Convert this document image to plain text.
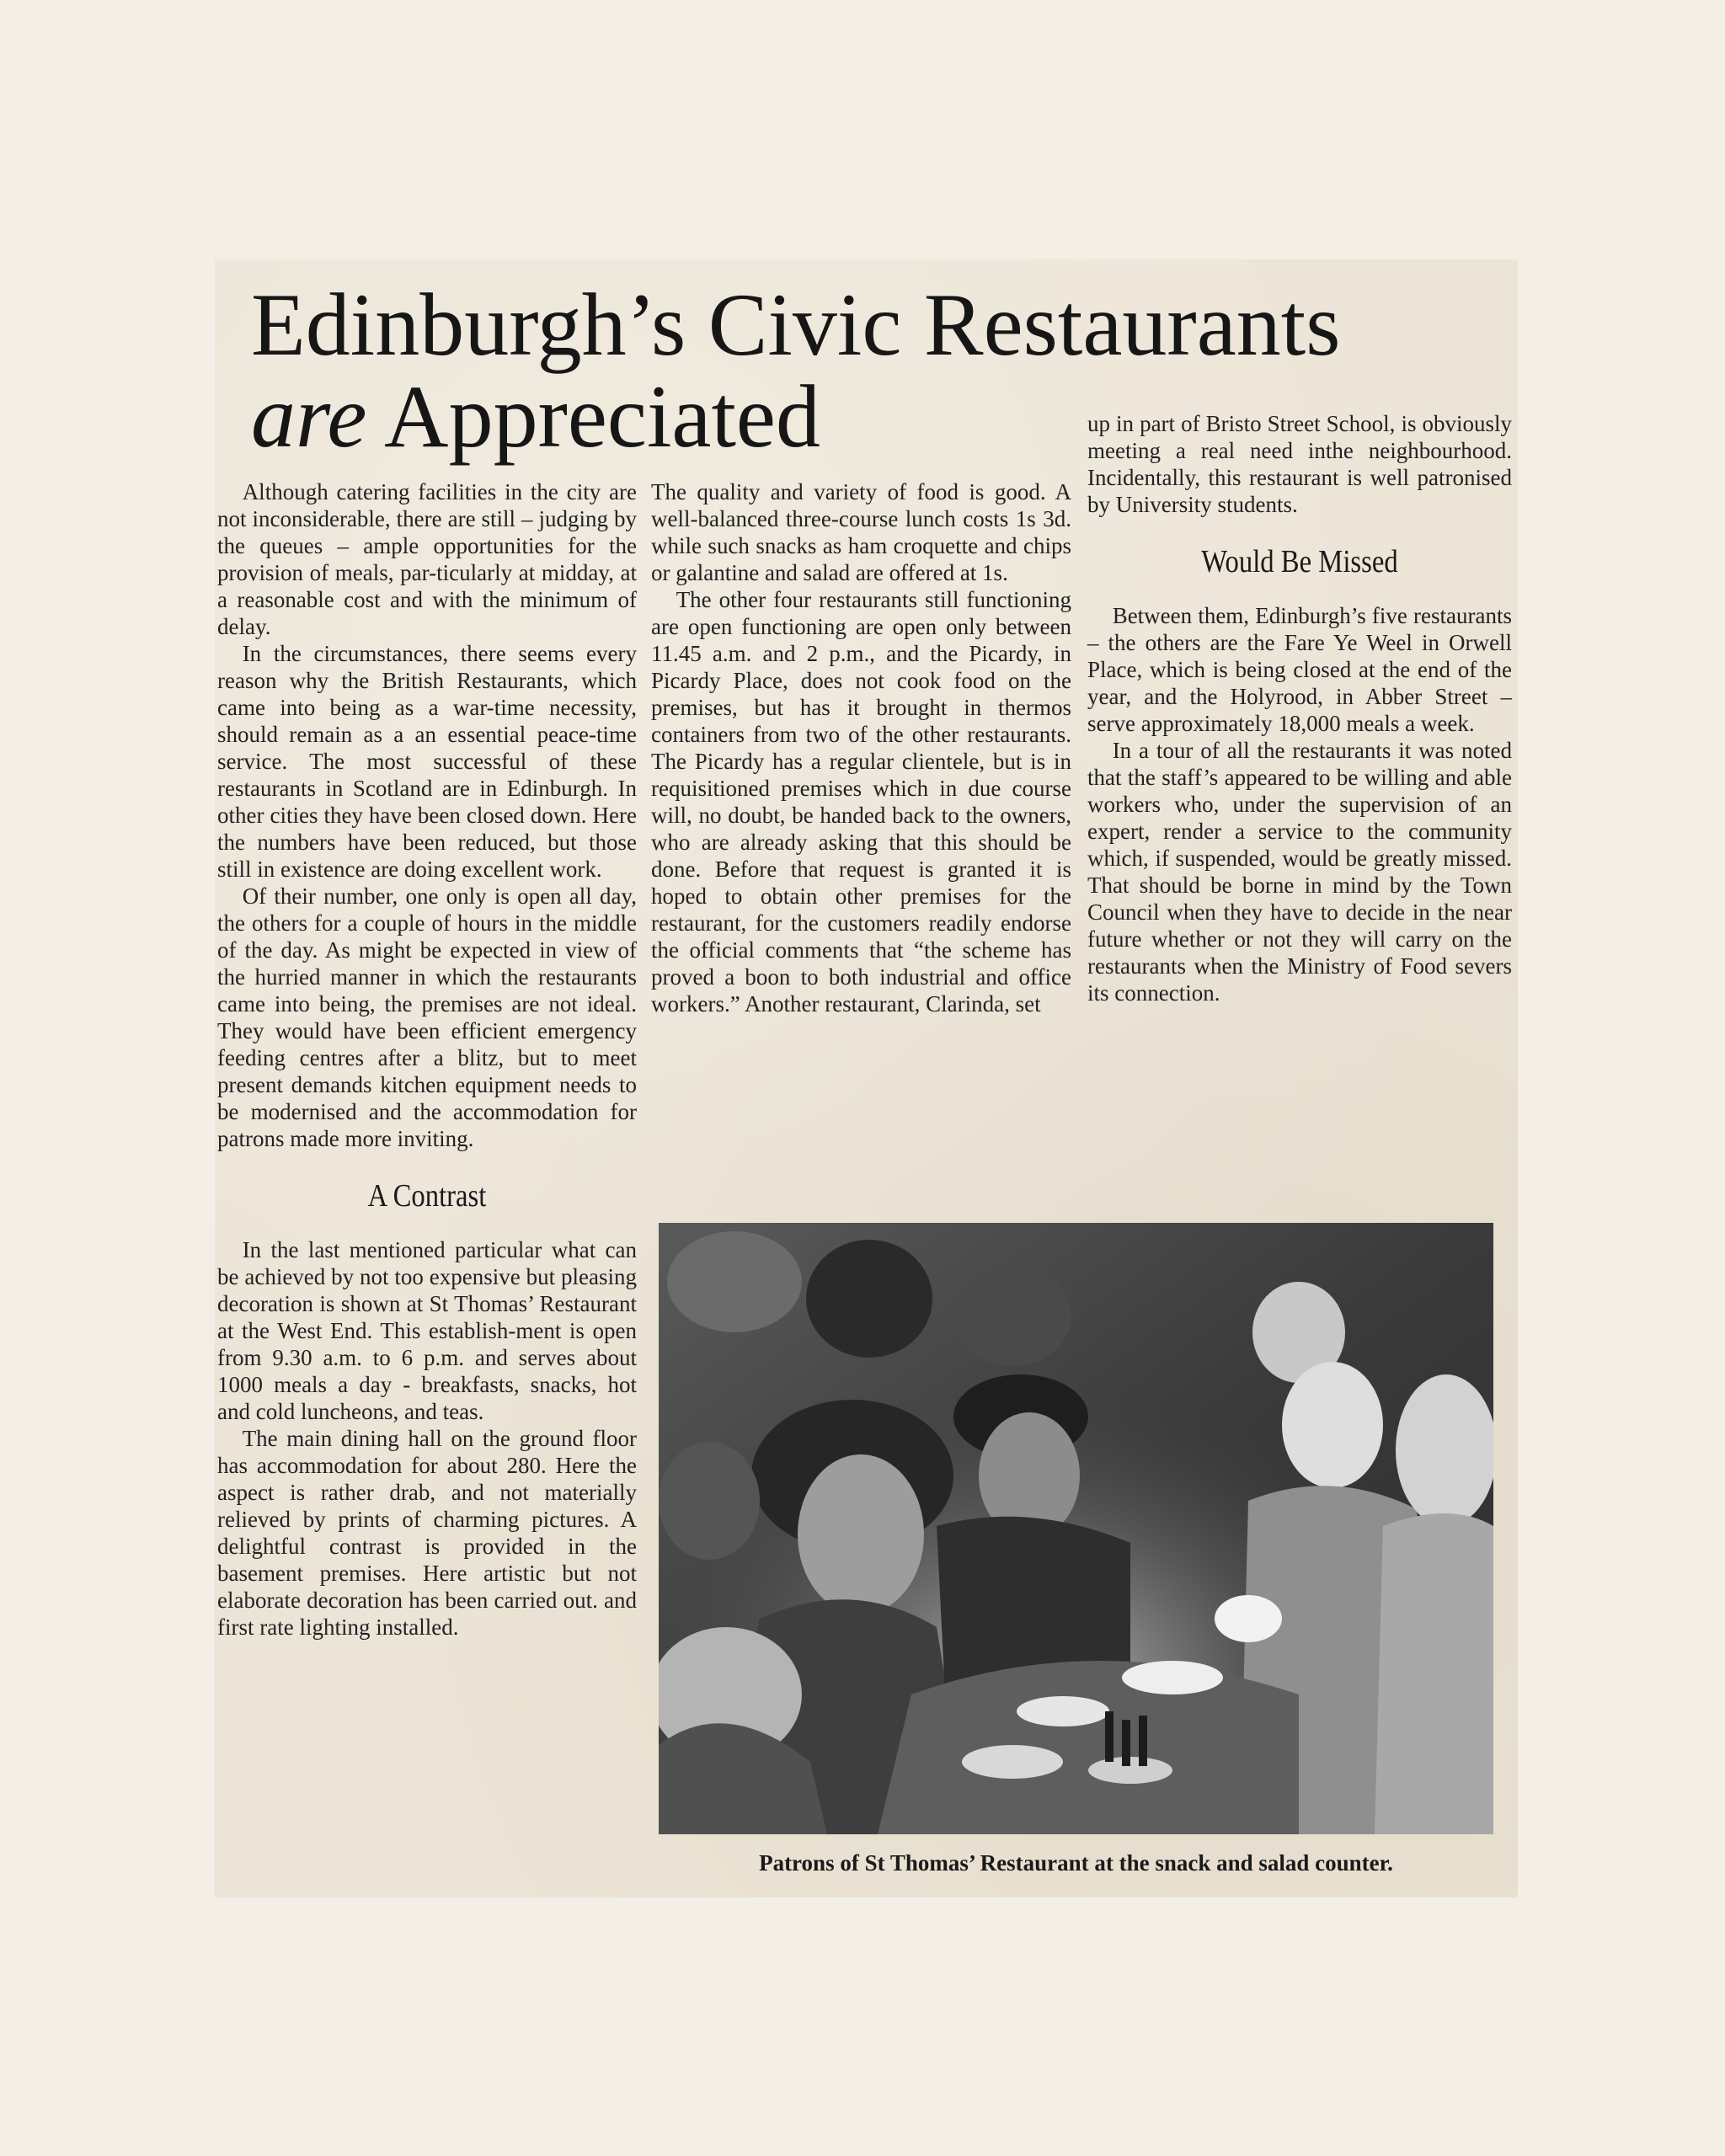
Edinburgh’s Civic Restaurants
are Appreciated

Although catering facilities in the city are not inconsiderable, there are still – judging by the queues – ample opportunities for the provision of meals, par-ticularly at midday, at a reasonable cost and with the minimum of delay.

In the circumstances, there seems every reason why the British Restaurants, which came into being as a war-time necessity, should remain as a an essential peace-time service. The most successful of these restaurants in Scotland are in Edinburgh. In other cities they have been closed down. Here the numbers have been reduced, but those still in existence are doing excellent work.

Of their number, one only is open all day, the others for a couple of hours in the middle of the day. As might be expected in view of the hurried manner in which the restaurants came into being, the premises are not ideal. They would have been efficient emergency feeding centres after a blitz, but to meet present demands kitchen equipment needs to be modernised and the accommodation for patrons made more inviting.

A Contrast

In the last mentioned particular what can be achieved by not too expensive but pleasing decoration is shown at St Thomas’ Restaurant at the West End. This establish-ment is open from 9.30 a.m. to 6 p.m. and serves about 1000 meals a day - breakfasts, snacks, hot and cold luncheons, and teas.

The main dining hall on the ground floor has accommodation for about 280. Here the aspect is rather drab, and not materially relieved by prints of charming pictures. A delightful contrast is provided in the basement premises. Here artistic but not elaborate decoration has been carried out. and first rate lighting installed.

The quality and variety of food is good. A well-balanced three-course lunch costs 1s 3d. while such snacks as ham croquette and chips or galantine and salad are offered at 1s.

The other four restaurants still functioning are open functioning are open only between 11.45 a.m. and 2 p.m., and the Picardy, in Picardy Place, does not cook food on the premises, but has it brought in thermos containers from two of the other restaurants. The Picardy has a regular clientele, but is in requisitioned premises which in due course will, no doubt, be handed back to the owners, who are already asking that this should be done. Before that request is granted it is hoped to obtain other premises for the restaurant, for the customers readily endorse the official comments that “the scheme has proved a boon to both industrial and office workers.” Another restaurant, Clarinda, set

up in part of Bristo Street School, is obviously meeting a real need inthe neighbourhood. Incidentally, this restaurant is well patronised by University students.

Would Be Missed

Between them, Edinburgh’s five restaurants – the others are the Fare Ye Weel in Orwell Place, which is being closed at the end of the year, and the Holyrood, in Abber Street – serve approximately 18,000 meals a week.

In a tour of all the restaurants it was noted that the staff’s appeared to be willing and able workers who, under the supervision of an expert, render a service to the community which, if suspended, would be greatly missed. That should be borne in mind by the Town Council when they have to decide in the near future whether or not they will carry on the restaurants when the Ministry of Food severs its connection.

Patrons of St Thomas’ Restaurant at the snack and salad counter.
